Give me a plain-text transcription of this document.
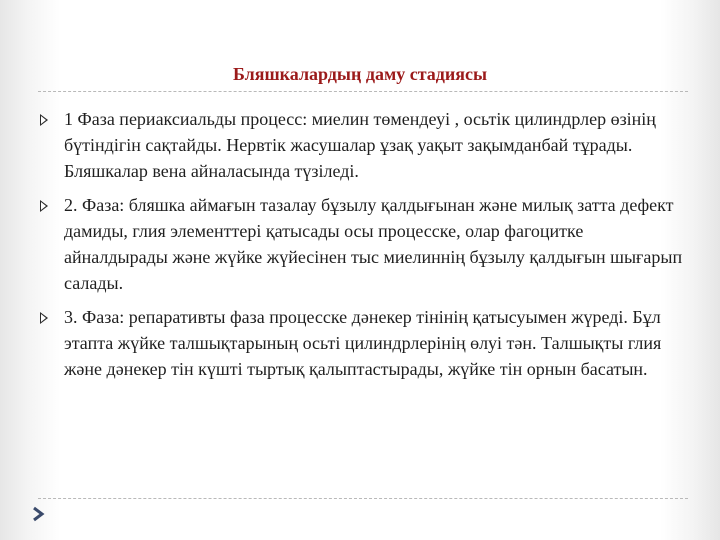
Бляшкалардың даму стадиясы
1 Фаза периаксиальды процесс: миелин төмендеуі , осьтік цилиндрлер өзінің бүтіндігін сақтайды. Нервтік жасушалар ұзақ уақыт зақымданбай тұрады. Бляшкалар вена айналасында түзіледі.
2. Фаза: бляшка аймағын тазалау бұзылу қалдығынан және милық затта дефект дамиды, глия элементтері қатысады осы процесске, олар фагоцитке айналдырады және жүйке жүйесінен тыс миелиннің бұзылу қалдығын шығарып салады.
3. Фаза: репаративты фаза процесске дәнекер тінінің қатысуымен жүреді. Бұл этапта жүйке талшықтарының осьті цилиндрлерінің өлуі тән. Талшықты глия және дәнекер тін күшті тыртық қалыптастырады, жүйке тін орнын басатын.
